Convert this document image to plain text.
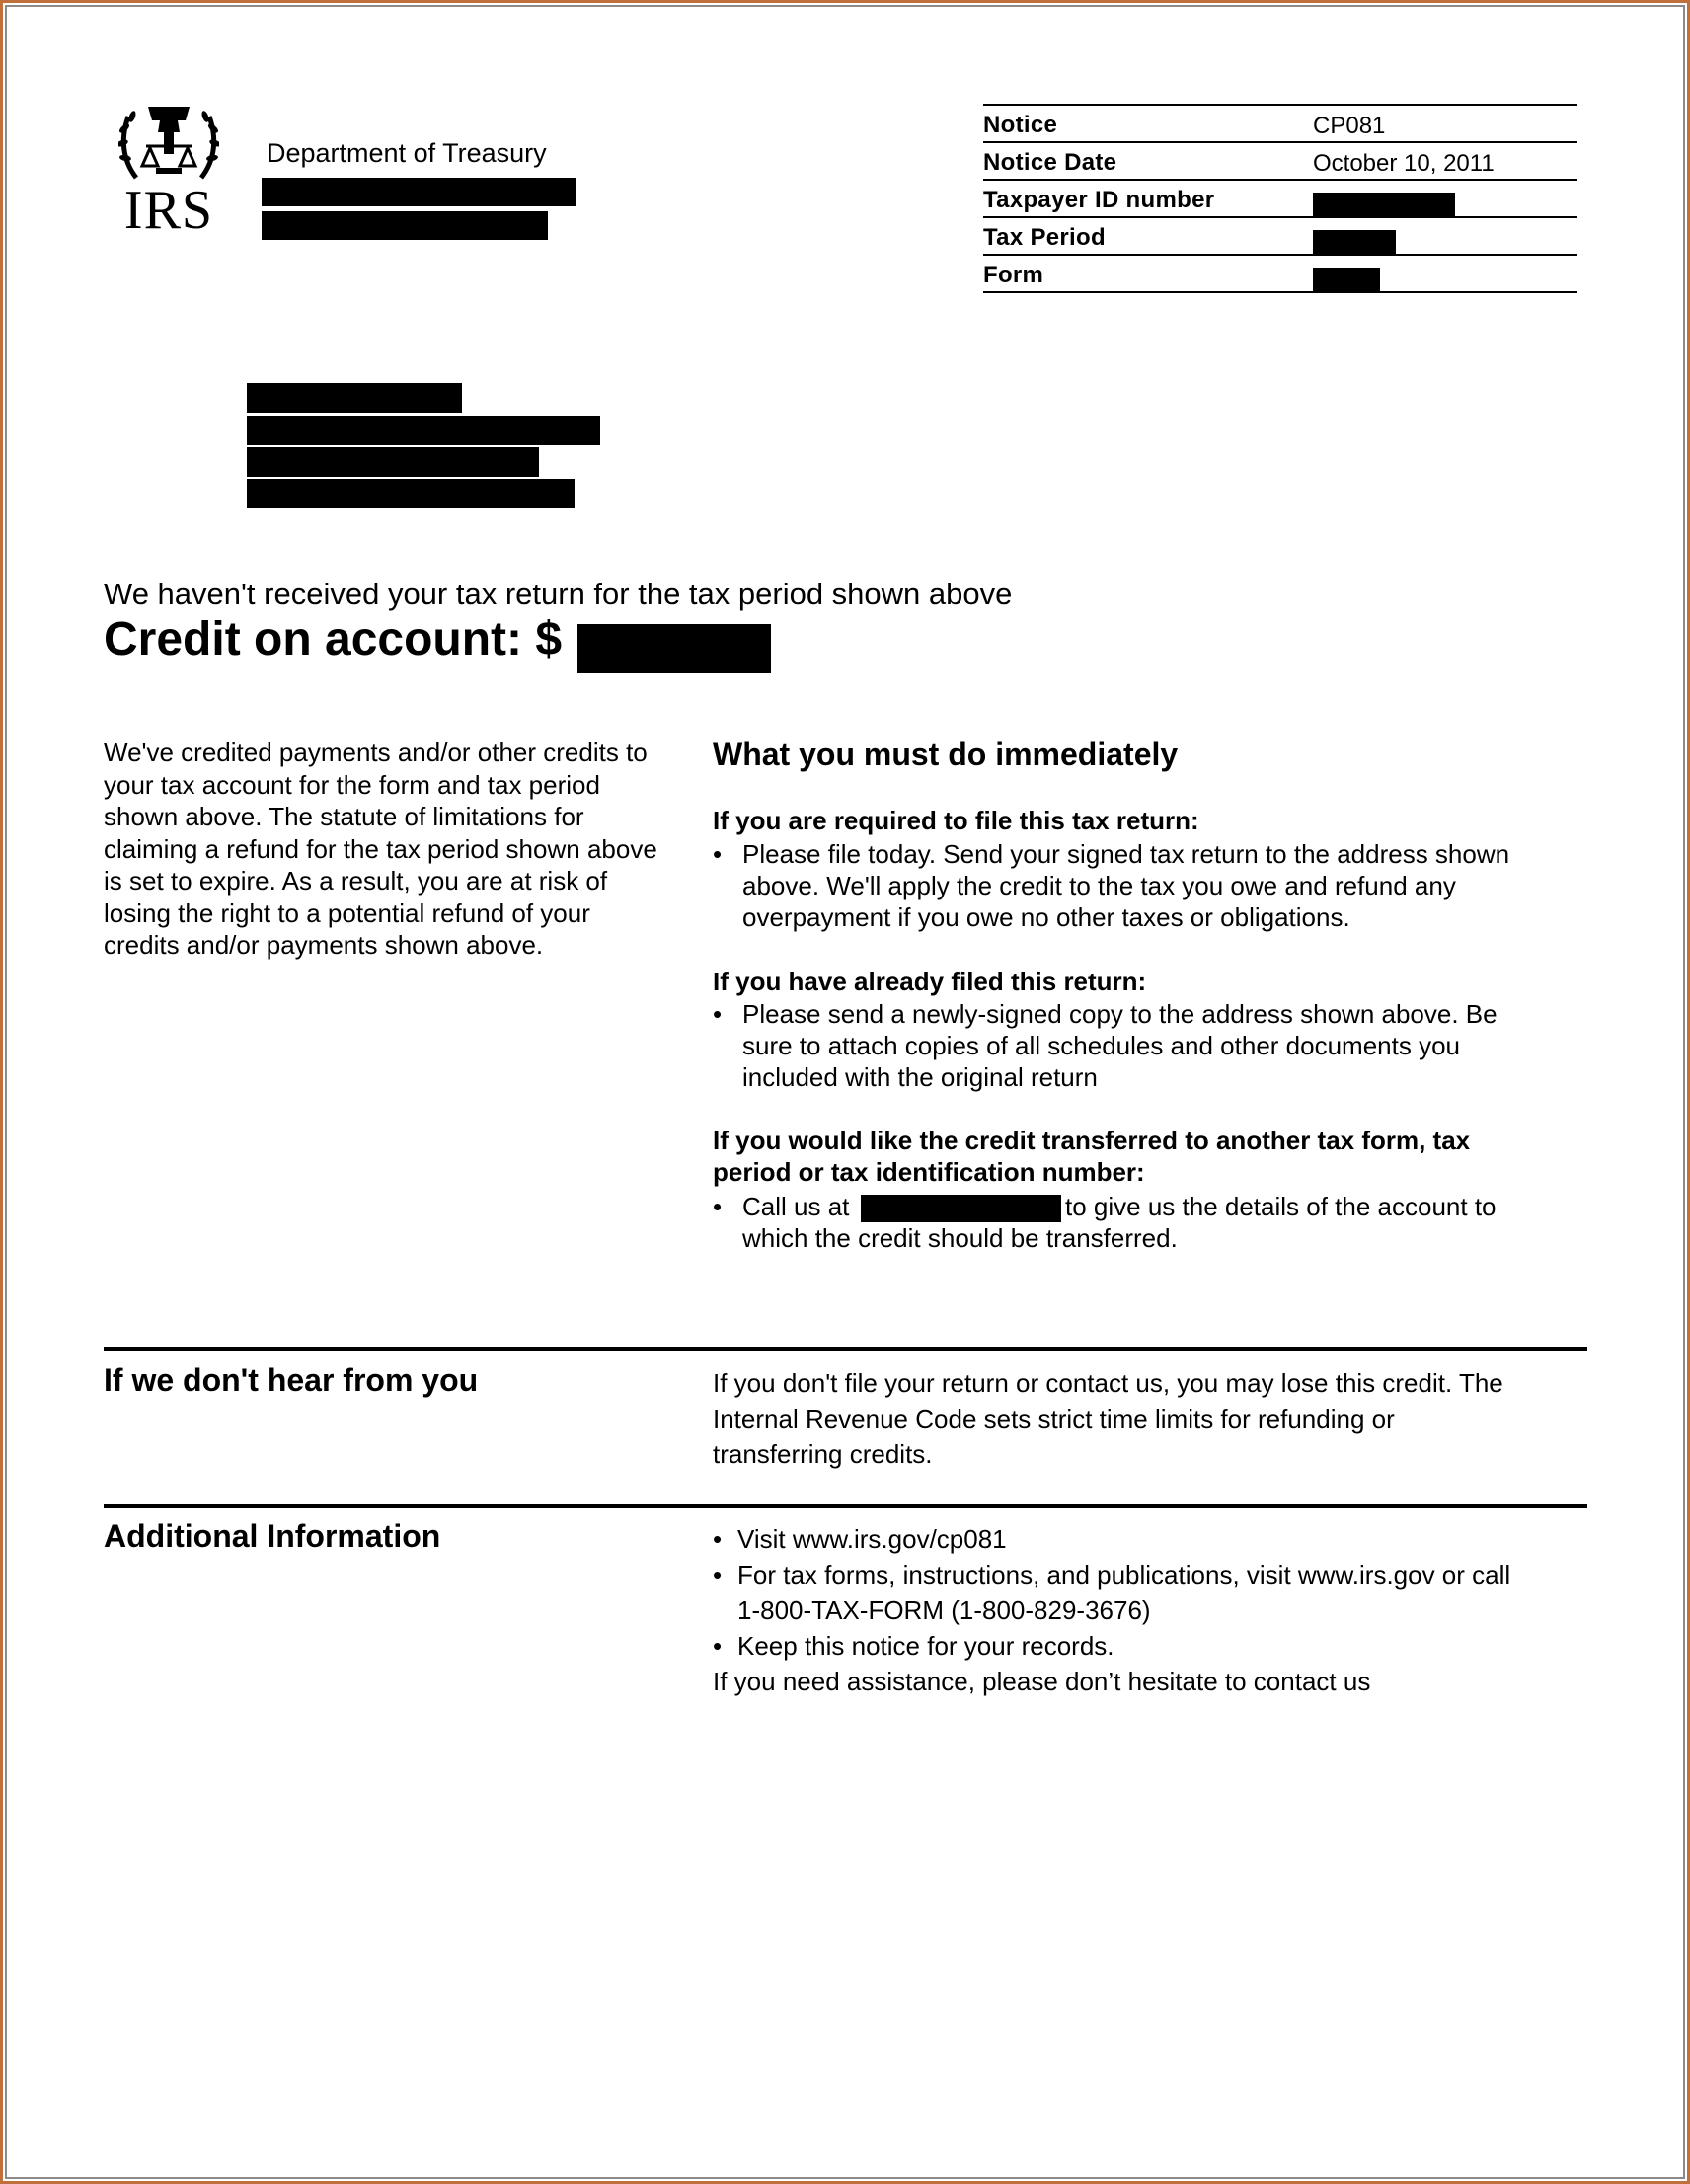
IRS
Department of Treasury
Notice	CP081
Notice Date	October 10, 2011
Taxpayer ID number
Tax Period
Form
We haven't received your tax return for the tax period shown above
Credit on account: $
We've credited payments and/or other credits to
your tax account for the form and tax period
shown above. The statute of limitations for
claiming a refund for the tax period shown above
is set to expire. As a result, you are at risk of
losing the right to a potential refund of your
credits and/or payments shown above.
What you must do immediately
If you are required to file this tax return:
• Please file today. Send your signed tax return to the address shown
above. We'll apply the credit to the tax you owe and refund any
overpayment if you owe no other taxes or obligations.
If you have already filed this return:
• Please send a newly-signed copy to the address shown above. Be
sure to attach copies of all schedules and other documents you
included with the original return
If you would like the credit transferred to another tax form, tax
period or tax identification number:
• Call us at	to give us the details of the account to
which the credit should be transferred.
If we don't hear from you	If you don't file your return or contact us, you may lose this credit. The
Internal Revenue Code sets strict time limits for refunding or
transferring credits.
Additional Information	• Visit www.irs.gov/cp081
• For tax forms, instructions, and publications, visit www.irs.gov or call
1-800-TAX-FORM (1-800-829-3676)
• Keep this notice for your records.
If you need assistance, please don’t hesitate to contact us
